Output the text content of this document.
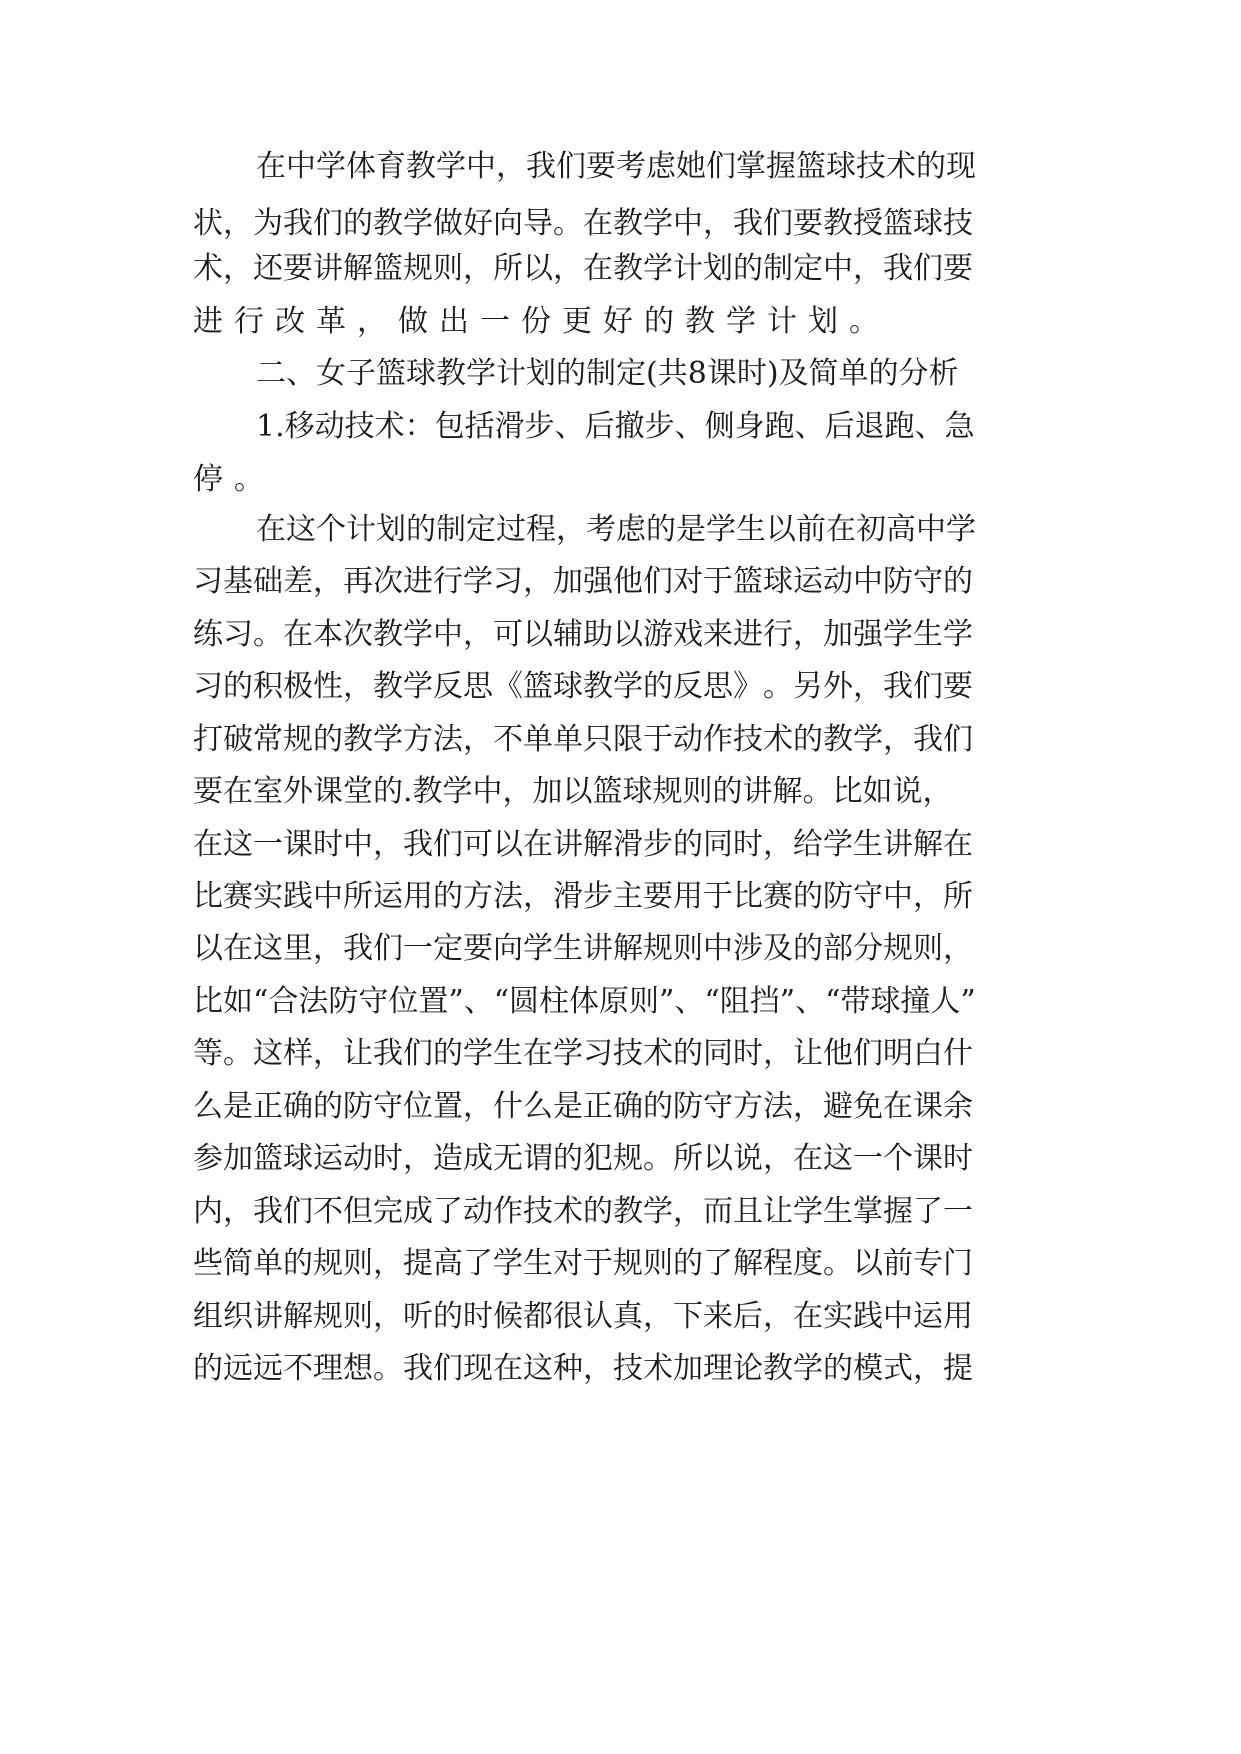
在 中 学 体 育 教 学 中 ， 我 们 要 考 虑 她 们 掌 握 篮 球 技 术 的 现
状 ， 为 我 们 的 教 学 做 好 向 导 。 在 教 学 中 ， 我 们 要 教 授 篮 球 技
术 ， 还 要 讲 解 篮 规 则 ， 所 以 ， 在 教 学 计 划 的 制 定 中 ， 我 们 要
进行改革，做出一份更好的教学计划。
二 、 女 子 篮 球 教 学 计 划 的 制 定 ( 共 8 课 时 ) 及 简 单 的 分 析
1 . 移 动 技 术 ： 包 括 滑 步 、 后 撤 步 、 侧 身 跑 、 后 退 跑 、 急
停。
在 这 个 计 划 的 制 定 过 程 ， 考 虑 的 是 学 生 以 前 在 初 高 中 学
习 基 础 差 ， 再 次 进 行 学 习 ， 加 强 他 们 对 于 篮 球 运 动 中 防 守 的
练 习 。 在 本 次 教 学 中 ， 可 以 辅 助 以 游 戏 来 进 行 ， 加 强 学 生 学
习 的 积 极 性 ， 教 学 反 思 《 篮 球 教 学 的 反 思 》 。 另 外 ， 我 们 要
打 破 常 规 的 教 学 方 法 ， 不 单 单 只 限 于 动 作 技 术 的 教 学 ， 我 们
要 在 室 外 课 堂 的 . 教 学 中 ， 加 以 篮 球 规 则 的 讲 解 。 比 如 说 ，
在 这 一 课 时 中 ， 我 们 可 以 在 讲 解 滑 步 的 同 时 ， 给 学 生 讲 解 在
比 赛 实 践 中 所 运 用 的 方 法 ， 滑 步 主 要 用 于 比 赛 的 防 守 中 ， 所
以 在 这 里 ， 我 们 一 定 要 向 学 生 讲 解 规 则 中 涉 及 的 部 分 规 则 ，
比 如 “ 合 法 防 守 位 置 ” 、 “ 圆 柱 体 原 则 ” 、 “ 阻 挡 ” 、 “ 带 球 撞 人 ”
等 。 这 样 ， 让 我 们 的 学 生 在 学 习 技 术 的 同 时 ， 让 他 们 明 白 什
么 是 正 确 的 防 守 位 置 ， 什 么 是 正 确 的 防 守 方 法 ， 避 免 在 课 余
参 加 篮 球 运 动 时 ， 造 成 无 谓 的 犯 规 。 所 以 说 ， 在 这 一 个 课 时
内 ， 我 们 不 但 完 成 了 动 作 技 术 的 教 学 ， 而 且 让 学 生 掌 握 了 一
些 简 单 的 规 则 ， 提 高 了 学 生 对 于 规 则 的 了 解 程 度 。 以 前 专 门
组 织 讲 解 规 则 ， 听 的 时 候 都 很 认 真 ， 下 来 后 ， 在 实 践 中 运 用
的 远 远 不 理 想 。 我 们 现 在 这 种 ， 技 术 加 理 论 教 学 的 模 式 ， 提
